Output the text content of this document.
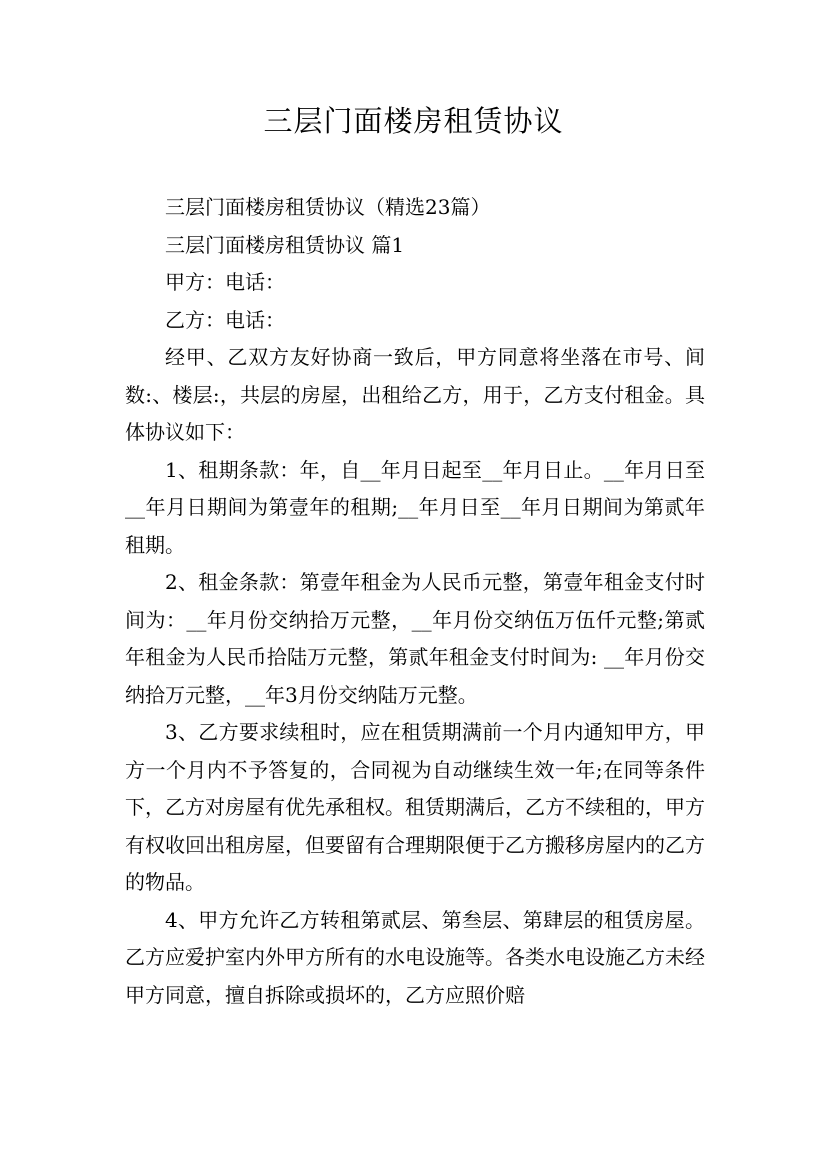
三层门面楼房租赁协议

三层门面楼房租赁协议（精选23篇）

三层门面楼房租赁协议 篇1

甲方：电话：

乙方：电话：

经甲、乙双方友好协商一致后，甲方同意将坐落在市号、间数:、楼层:，共层的房屋，出租给乙方，用于，乙方支付租金。具体协议如下：

1、租期条款：年，自__年月日起至__年月日止。__年月日至__年月日期间为第壹年的租期;__年月日至__年月日期间为第贰年租期。

2、租金条款：第壹年租金为人民币元整，第壹年租金支付时间为：__年月份交纳拾万元整，__年月份交纳伍万伍仟元整;第贰年租金为人民币拾陆万元整，第贰年租金支付时间为: __年月份交纳拾万元整，__年3月份交纳陆万元整。

3、乙方要求续租时，应在租赁期满前一个月内通知甲方，甲方一个月内不予答复的，合同视为自动继续生效一年;在同等条件下，乙方对房屋有优先承租权。租赁期满后，乙方不续租的，甲方有权收回出租房屋，但要留有合理期限便于乙方搬移房屋内的乙方的物品。

4、甲方允许乙方转租第贰层、第叁层、第肆层的租赁房屋。乙方应爱护室内外甲方所有的水电设施等。各类水电设施乙方未经甲方同意，擅自拆除或损坏的，乙方应照价赔
